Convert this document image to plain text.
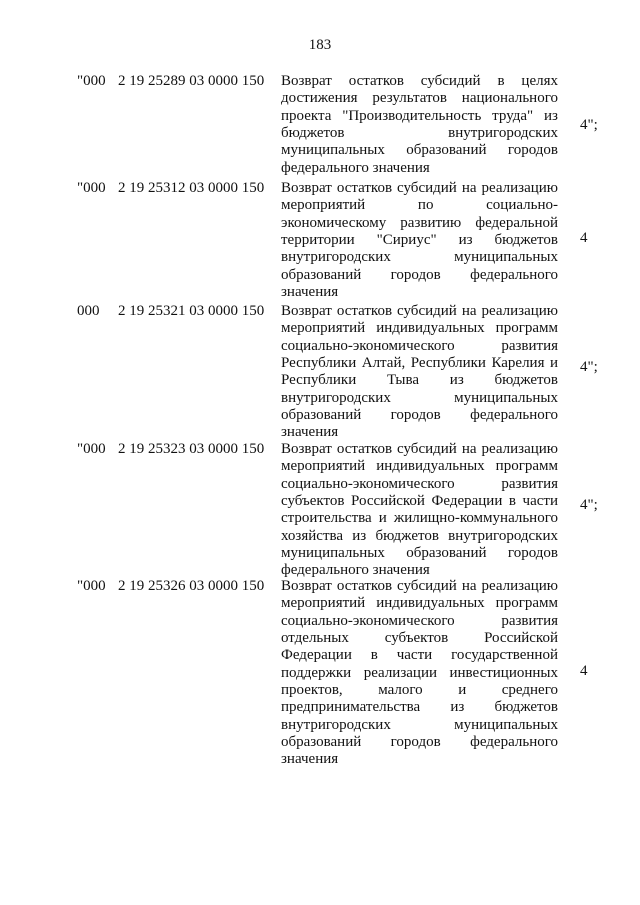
183
"000 2 19 25289 03 0000 150 Возврат остатков субсидий в целях
достижения результатов национального
проекта "Производительность труда" из
бюджетов внутригородских
муниципальных образований городов
федерального значения
4";
"000 2 19 25312 03 0000 150 Возврат остатков субсидий на реализацию
мероприятий по социально-
экономическому развитию федеральной
территории "Сириус" из бюджетов
внутригородских муниципальных
образований городов федерального
значения
4
000 2 19 25321 03 0000 150 Возврат остатков субсидий на реализацию
мероприятий индивидуальных программ
социально-экономического развития
Республики Алтай, Республики Карелия и
Республики Тыва из бюджетов
внутригородских муниципальных
образований городов федерального
значения
4";
"000 2 19 25323 03 0000 150 Возврат остатков субсидий на реализацию
мероприятий индивидуальных программ
социально-экономического развития
субъектов Российской Федерации в части
строительства и жилищно-коммунального
хозяйства из бюджетов внутригородских
муниципальных образований городов
федерального значения
4";
"000 2 19 25326 03 0000 150 Возврат остатков субсидий на реализацию
мероприятий индивидуальных программ
социально-экономического развития
отдельных субъектов Российской
Федерации в части государственной
поддержки реализации инвестиционных
проектов, малого и среднего
предпринимательства из бюджетов
внутригородских муниципальных
образований городов федерального
значения
4
